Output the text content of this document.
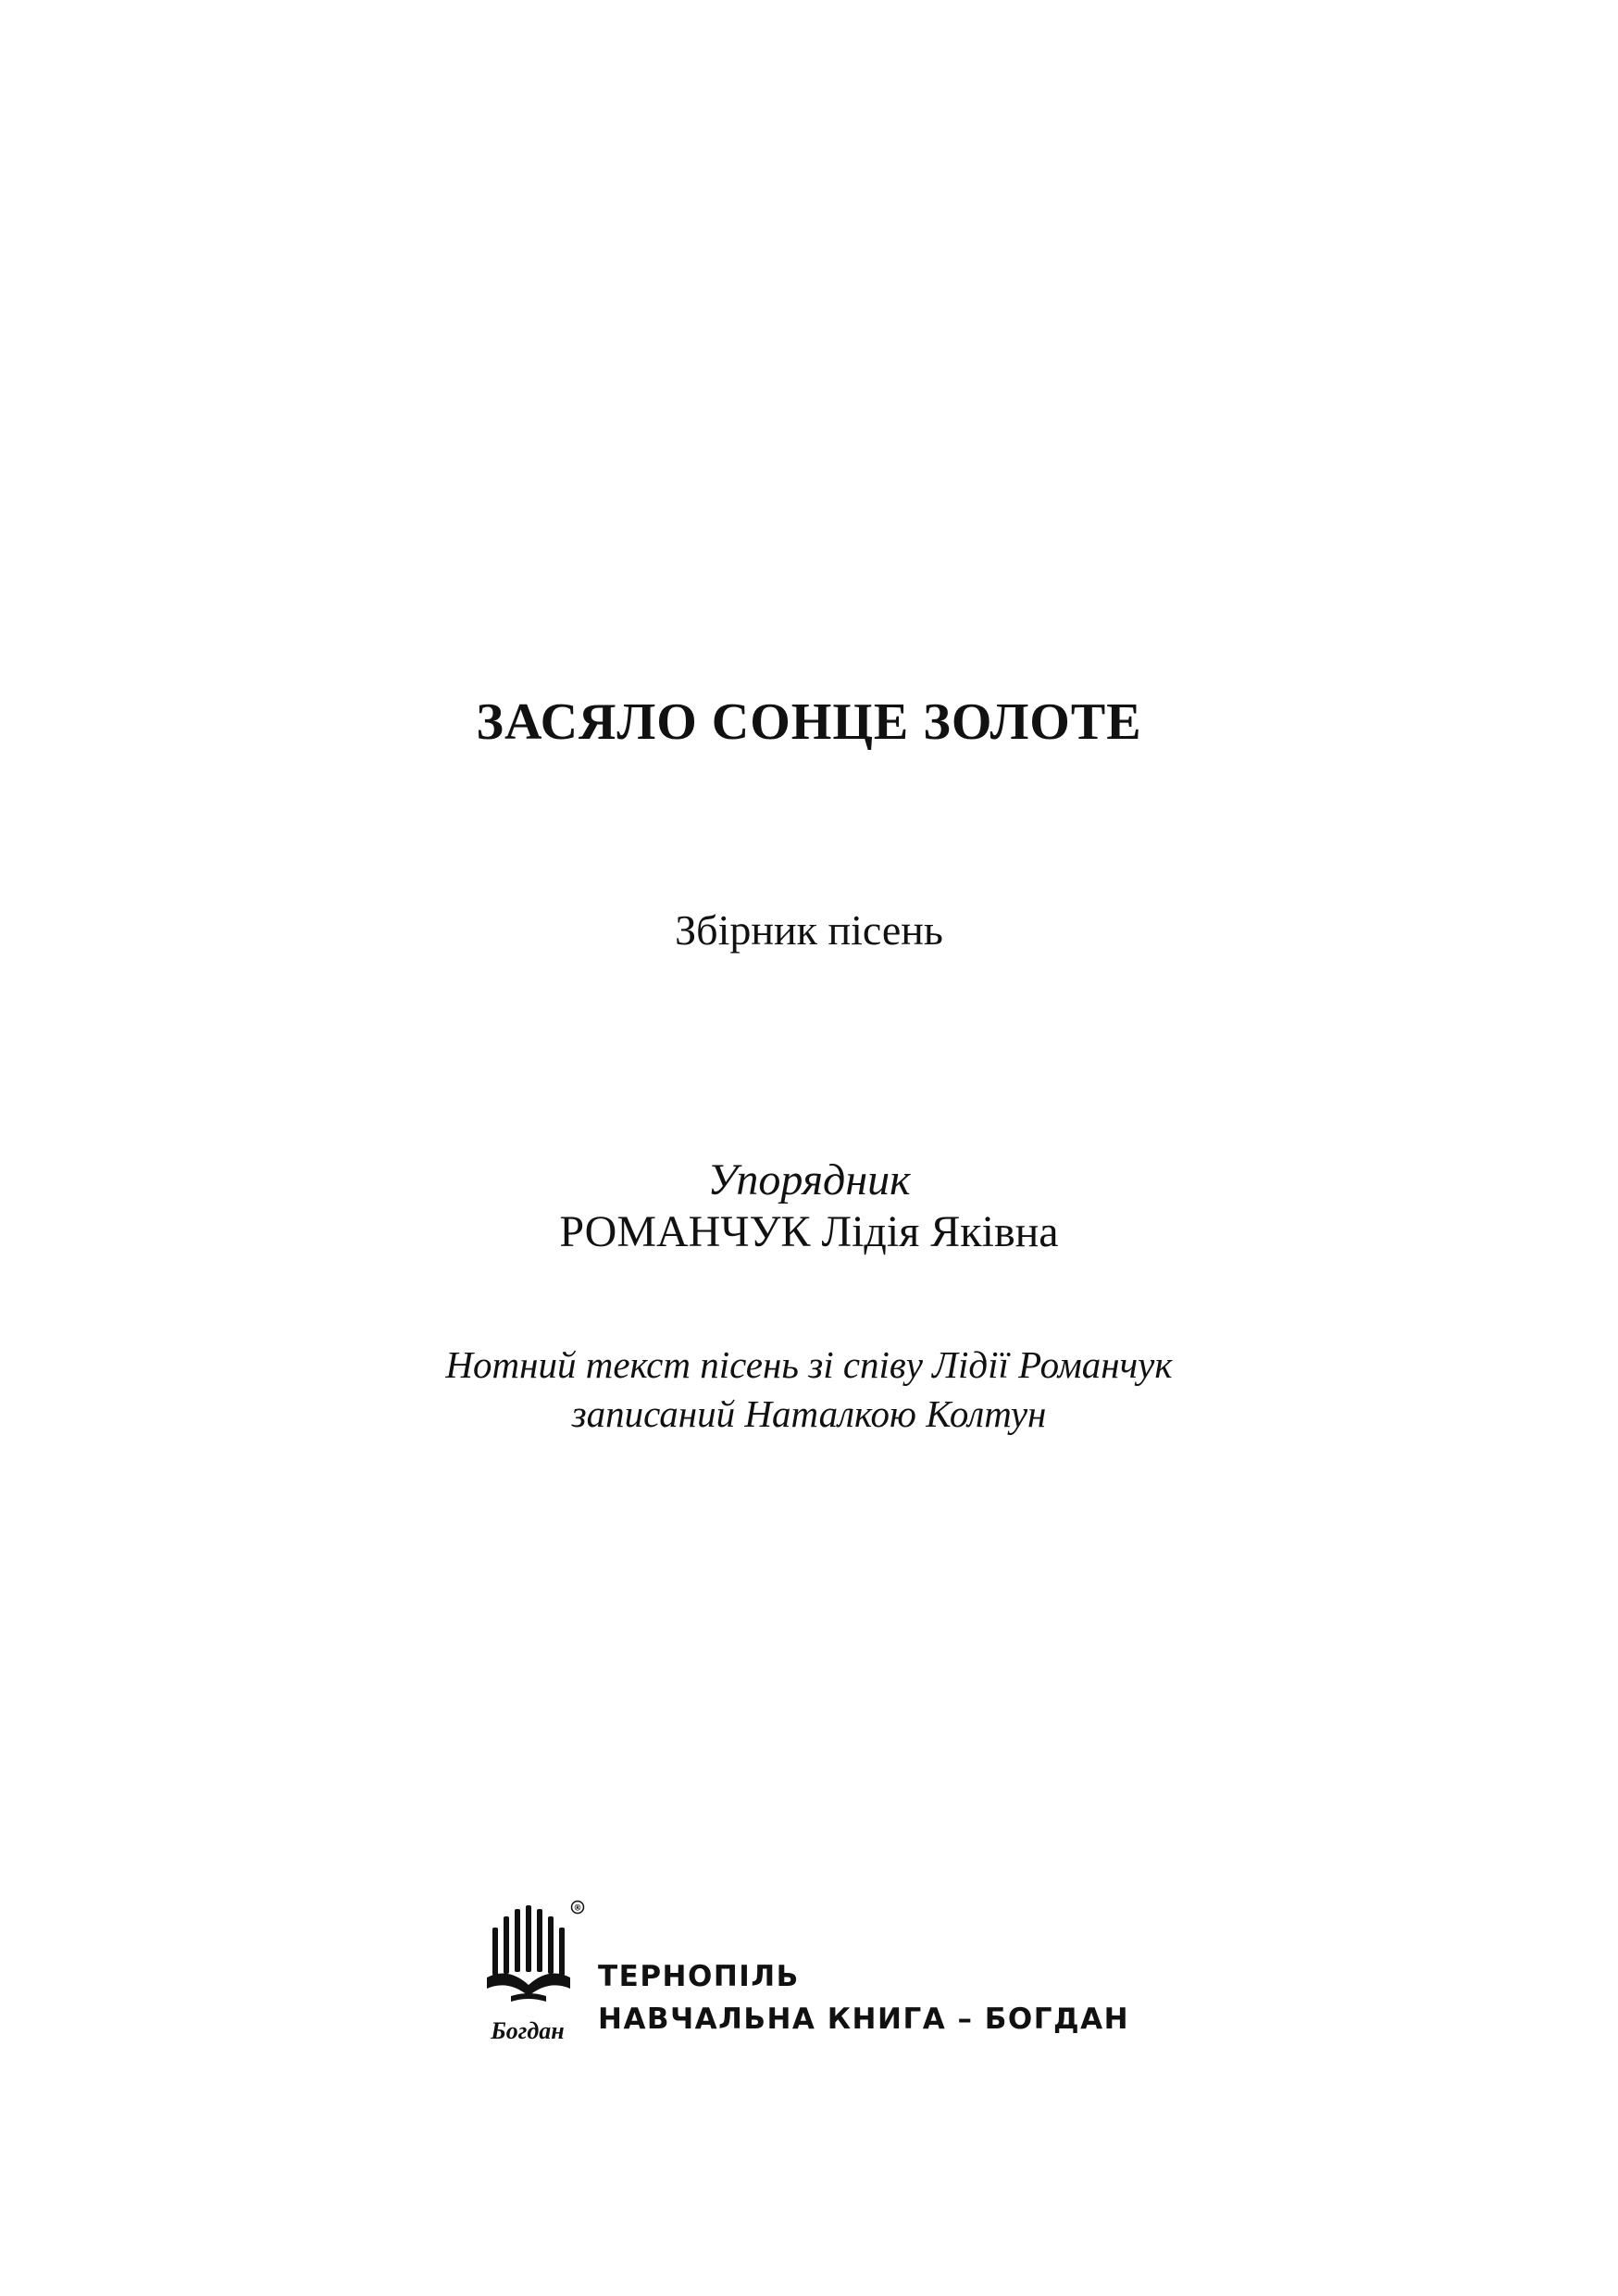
ЗАСЯЛО СОНЦЕ ЗОЛОТЕ
Збірник пісень
Упорядник
РОМАНЧУК Лідія Яківна
Нотний текст пісень зі співу Лідії Романчук
записаний Наталкою Колтун
®
Богдан
ТЕРНОПІЛЬ
НАВЧАЛЬНА КНИГА – БОГДАН
